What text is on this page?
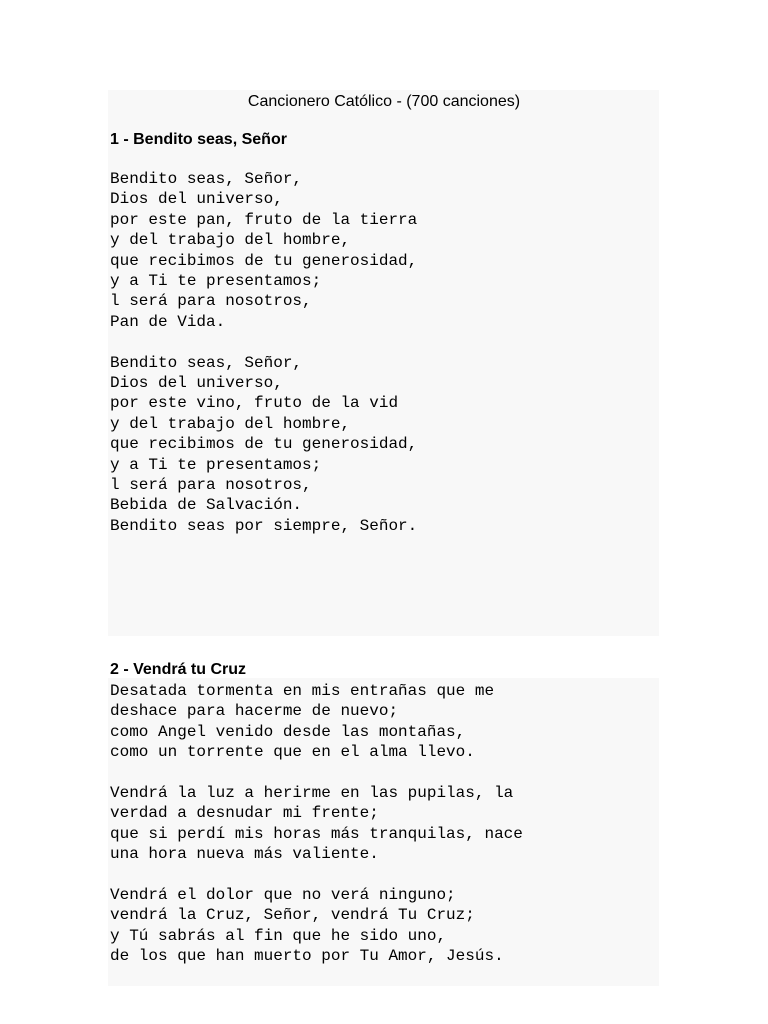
Cancionero Católico - (700 canciones)

1 - Bendito seas, Señor
Bendito seas, Señor,
Dios del universo,
por este pan, fruto de la tierra
y del trabajo del hombre,
que recibimos de tu generosidad,
y a Ti te presentamos;
l será para nosotros,
Pan de Vida.
Bendito seas, Señor,
Dios del universo,
por este vino, fruto de la vid
y del trabajo del hombre,
que recibimos de tu generosidad,
y a Ti te presentamos;
l será para nosotros,
Bebida de Salvación.
Bendito seas por siempre, Señor.
2 - Vendrá tu Cruz
Desatada tormenta en mis entrañas que me
deshace para hacerme de nuevo;
como Angel venido desde las montañas,
como un torrente que en el alma llevo.
Vendrá la luz a herirme en las pupilas, la
verdad a desnudar mi frente;
que si perdí mis horas más tranquilas, nace
una hora nueva más valiente.
Vendrá el dolor que no verá ninguno;
vendrá la Cruz, Señor, vendrá Tu Cruz;
y Tú sabrás al fin que he sido uno,
de los que han muerto por Tu Amor, Jesús.
